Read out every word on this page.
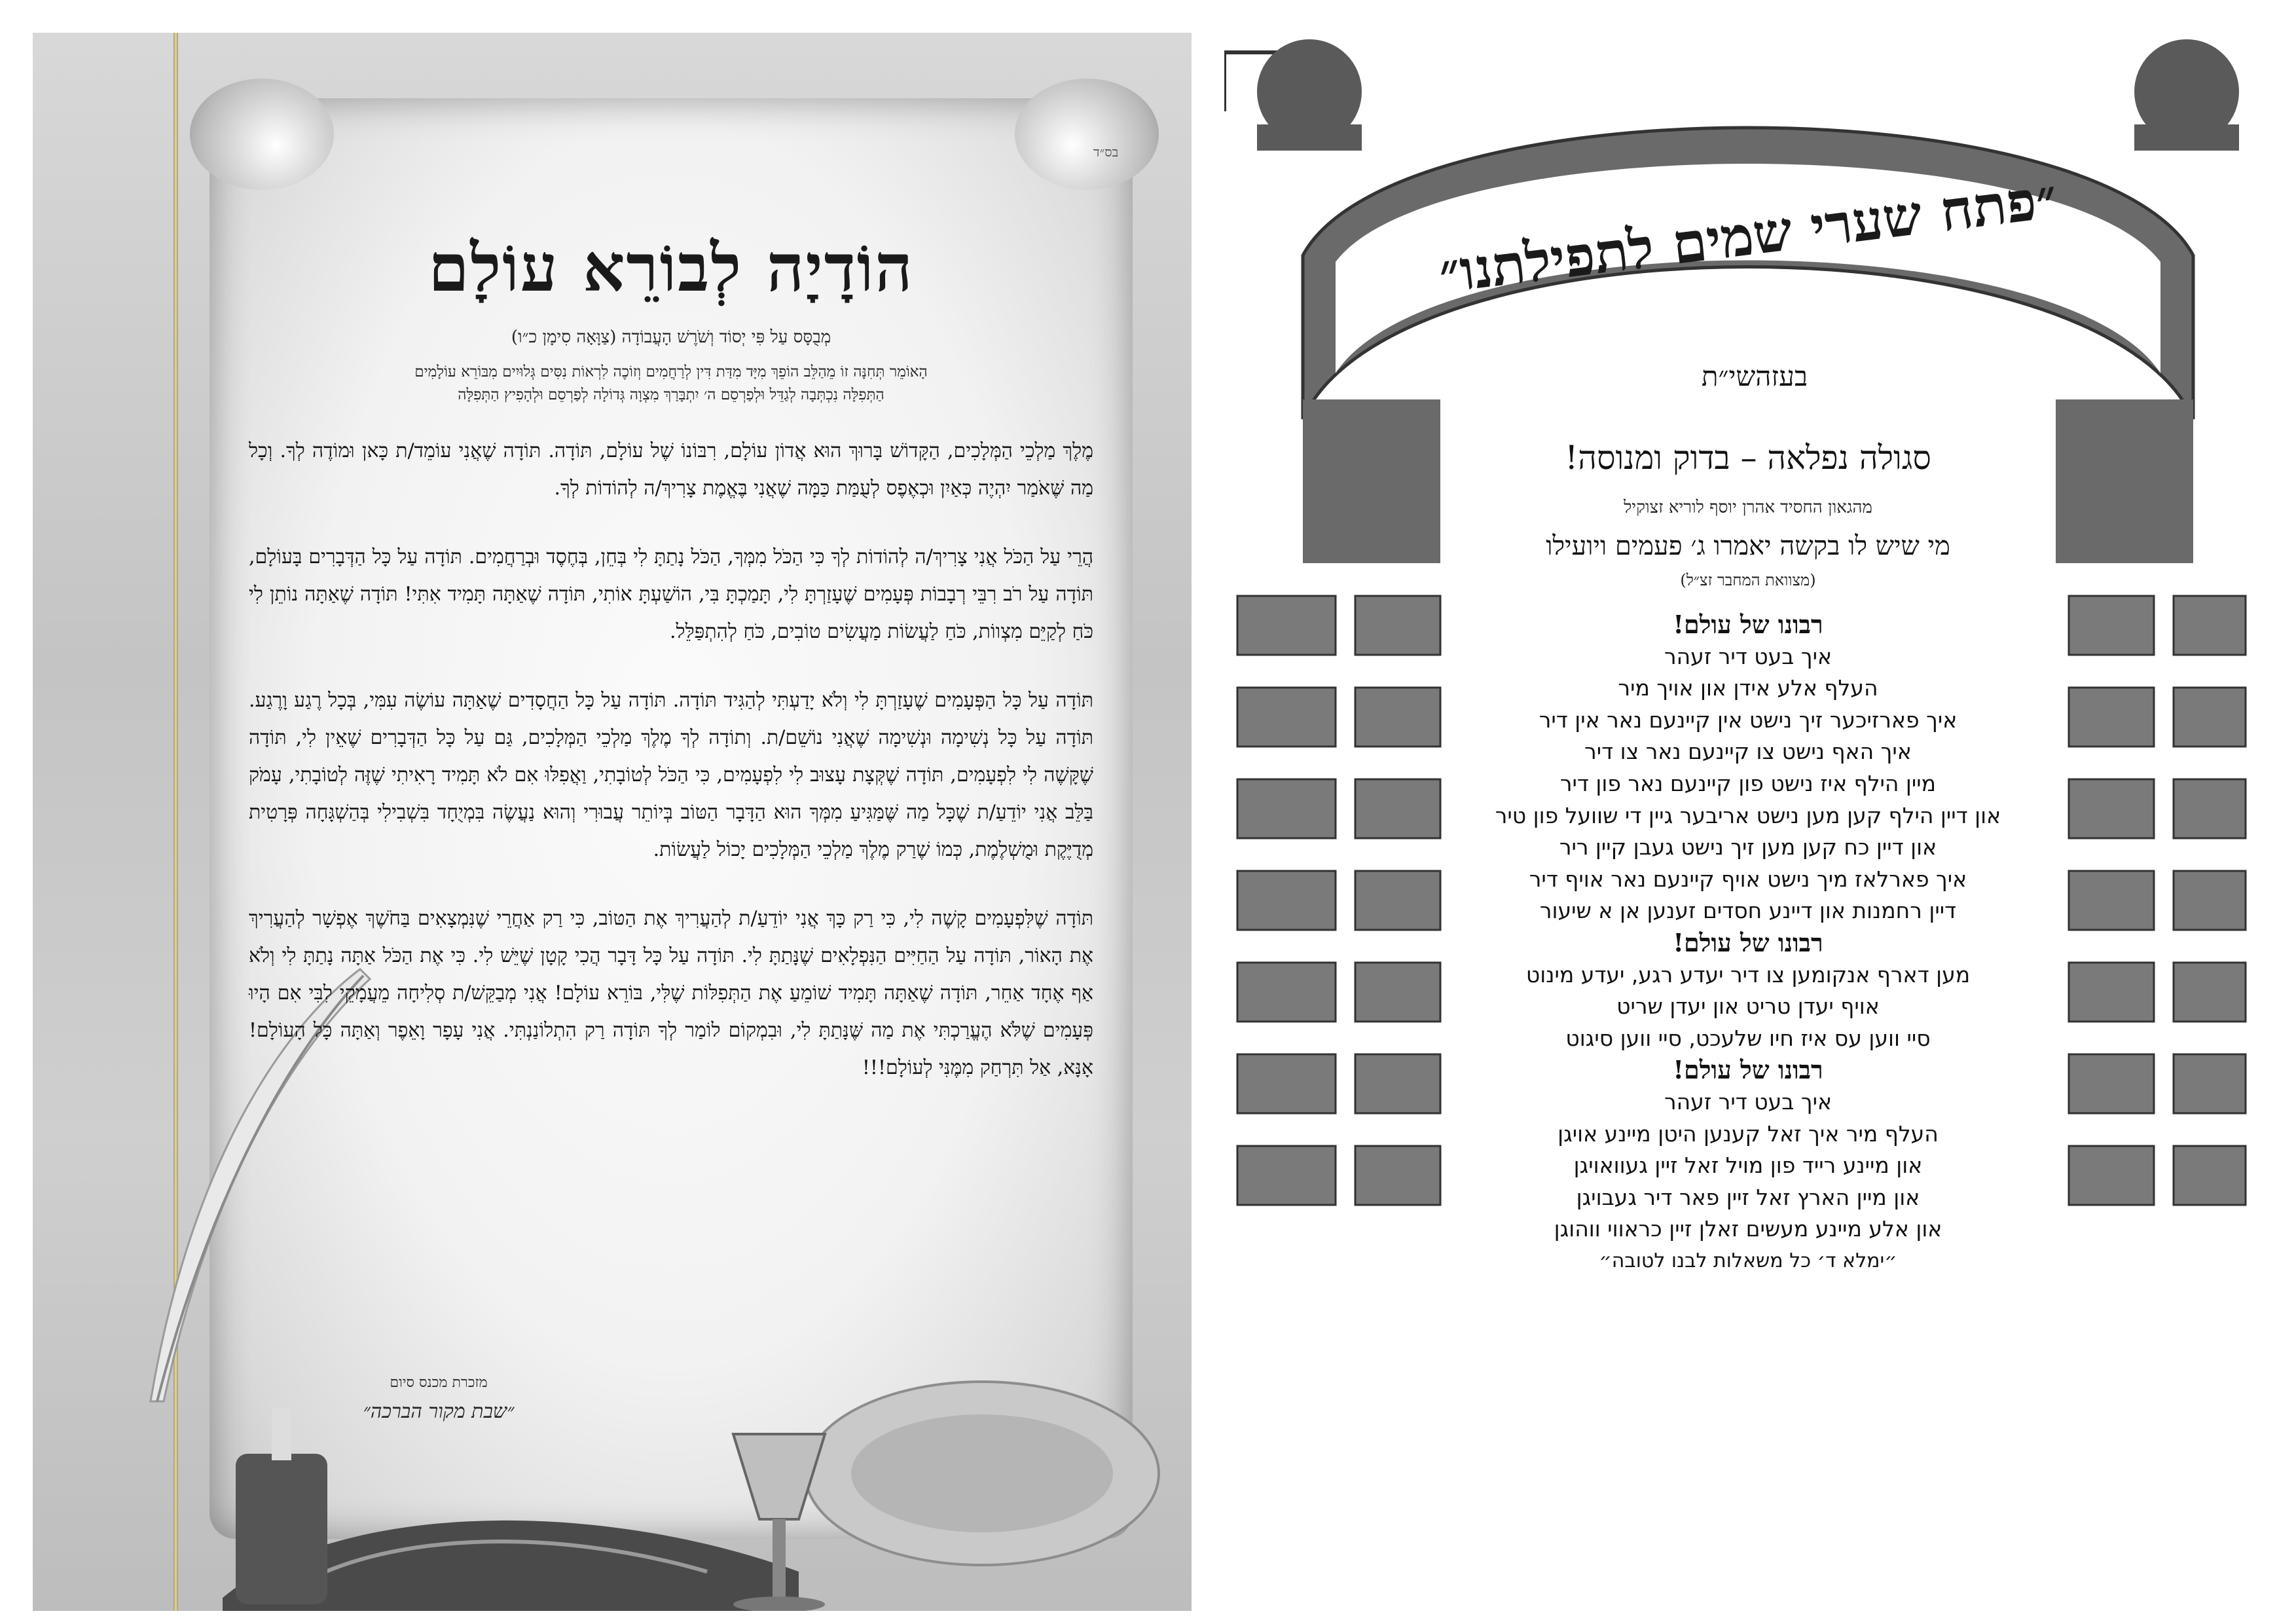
בס״ד
הוֹדָיָה לְבוֹרֵא עוֹלָם
מְבֻסָּס עַל פִּי יְסוֹד וְשֹׁרֶשׁ הָעֲבוֹדָה (צַוָּאָה סִימָן כ״ו)
הָאוֹמֵר תְּחִנָּה זוֹ מֵהַלֵּב הוֹפֵךְ מִיָּד מִדַּת דִּין לְרַחֲמִים וְזוֹכֶה לִרְאוֹת נִסִּים גְּלוּיִים מִבּוֹרֵא עוֹלָמִים
הַתְּפִלָּה נִכְתְּבָה לְגַדֵּל וּלְפַרְסֵם ה׳ יִתְבָּרַךְ מִצְוָה גְּדוֹלָה לְפַרְסֵם וּלְהָפִיץ הַתְּפִלָּה

מֶלֶךְ מַלְכֵי הַמְּלָכִים, הַקָּדוֹשׁ בָּרוּךְ הוּא אֲדוֹן עוֹלָם, רִבּוֹנוֹ שֶׁל עוֹלָם, תּוֹדָה. תּוֹדָה שֶׁאֲנִי עוֹמֵד/ת כָּאן וּמוֹדֶה לְךָ. וְכָל מַה שֶּׁאֹמַר יִהְיֶה כְּאַיִן וּכְאֶפֶס לְעֻמַּת כַּמָּה שֶׁאֲנִי בֶּאֱמֶת צָרִיךְ/ה לְהוֹדוֹת לְךָ.

הֲרֵי עַל הַכֹּל אֲנִי צָרִיךְ/ה לְהוֹדוֹת לְךָ כִּי הַכֹּל מִמְּךָ, הַכֹּל נָתַתָּ לִי בְּחֵן, בְּחֶסֶד וּבְרַחֲמִים. תּוֹדָה עַל כָּל הַדְּבָרִים בָּעוֹלָם, תּוֹדָה עַל רֹב רִבֵּי רְבָבוֹת פְּעָמִים שֶׁעָזַרְתָּ לִי, תָּמַכְתָּ בִּי, הוֹשַׁעְתָּ אוֹתִי, תּוֹדָה שֶׁאַתָּה תָּמִיד אִתִּי! תּוֹדָה שֶׁאַתָּה נוֹתֵן לִי כֹּחַ לְקַיֵּם מִצְווֹת, כֹּחַ לַעֲשׂוֹת מַעֲשִׂים טוֹבִים, כֹּחַ לְהִתְפַּלֵּל.

תּוֹדָה עַל כָּל הַפְּעָמִים שֶׁעָזַרְתָּ לִי וְלֹא יָדַעְתִּי לְהַגִּיד תּוֹדָה. תּוֹדָה עַל כָּל הַחֲסָדִים שֶׁאַתָּה עוֹשֶׂה עִמִּי, בְּכָל רֶגַע וָרֶגַע. תּוֹדָה עַל כָּל נְשִׁימָה וּנְשִׁימָה שֶׁאֲנִי נוֹשֵׁם/ת. וְתוֹדָה לְךָ מֶלֶךְ מַלְכֵי הַמְּלָכִים, גַּם עַל כָּל הַדְּבָרִים שֶׁאֵין לִי, תּוֹדָה שֶׁקָּשֶׁה לִי לִפְעָמִים, תּוֹדָה שֶׁקְּצָת עָצוּב לִי לִפְעָמִים, כִּי הַכֹּל לְטוֹבָתִי, וַאֲפִלּוּ אִם לֹא תָּמִיד רָאִיתִי שֶׁזֶּה לְטוֹבָתִי, עָמֹק בַּלֵּב אֲנִי יוֹדֵעַ/ת שֶׁכָּל מַה שֶּׁמַּגִּיעַ מִמְּךָ הוּא הַדָּבָר הַטּוֹב בְּיוֹתֵר עֲבוּרִי וְהוּא נַעֲשֶׂה בִּמְיֻחָד בִּשְׁבִילִי בְּהַשְׁגָּחָה פְּרָטִית מְדֻיֶּקֶת וּמֻשְׁלֶמֶת, כְּמוֹ שֶׁרַק מֶלֶךְ מַלְכֵי הַמְּלָכִים יָכוֹל לַעֲשׂוֹת.

תּוֹדָה שֶׁלִּפְעָמִים קָשֶׁה לִי, כִּי רַק כָּךְ אֲנִי יוֹדֵעַ/ת לְהַעֲרִיךְ אֶת הַטּוֹב, כִּי רַק אַחֲרֵי שֶׁנִּמְצָאִים בַּחֹשֶׁךְ אֶפְשָׁר לְהַעֲרִיךְ אֶת הָאוֹר, תּוֹדָה עַל הַחַיִּים הַנִּפְלָאִים שֶׁנָּתַתָּ לִי. תּוֹדָה עַל כָּל דָּבָר הֲכִי קָטָן שֶׁיֵּשׁ לִי. כִּי אֶת הַכֹּל אַתָּה נָתַתָּ לִי וְלֹא אַף אֶחָד אַחֵר, תּוֹדָה שֶׁאַתָּה תָּמִיד שׁוֹמֵעַ אֶת הַתְּפִלּוֹת שֶׁלִּי, בּוֹרֵא עוֹלָם! אֲנִי מְבַקֵּשׁ/ת סְלִיחָה מֵעֲמָקֵי לִבִּי אִם הָיוּ פְּעָמִים שֶׁלֹּא הֶעֱרַכְתִּי אֶת מַה שֶּׁנָּתַתָּ לִי, וּבִמְקוֹם לוֹמַר לְךָ תּוֹדָה רַק הִתְלוֹנַנְתִּי. אֲנִי עָפָר וָאֵפֶר וְאַתָּה כָּל הָעוֹלָם! אָנָּא, אַל תִּרְחַק מִמֶּנִּי לְעוֹלָם!!!

מזכרת מכנס סיום
״שבת מקור הברכה״
״פתח שערי שמים לתפילתנו״
בעזהשי״ת
סגולה נפלאה – בדוק ומנוסה!
מהגאון החסיד אהרן יוסף לוריא זצוקיל
מי שיש לו בקשה יאמרו ג׳ פעמים ויועילו
(מצוואת המחבר זצ״ל)
רבונו של עולם!
איך בעט דיר זעהר
העלף אלע אידן און אויך מיר
איך פארזיכער זיך נישט אין קיינעם נאר אין דיר
איך האף נישט צו קיינעם נאר צו דיר
מיין הילף איז נישט פון קיינעם נאר פון דיר
און דיין הילף קען מען נישט אריבער גיין די שוועל פון טיר
און דיין כח קען מען זיך נישט געבן קיין ריר
איך פארלאז מיך נישט אויף קיינעם נאר אויף דיר
דיין רחמנות און דיינע חסדים זענען אן א שיעור
רבונו של עולם!
מען דארף אנקומען צו דיר יעדע רגע, יעדע מינוט
אויף יעדן טריט און יעדן שריט
סיי ווען עס איז חיו שלעכט, סיי ווען סיגוט
רבונו של עולם!
איך בעט דיר זעהר
העלף מיר איך זאל קענען היטן מיינע אויגן
און מיינע רייד פון מויל זאל זיין געוואויגן
און מיין הארץ זאל זיין פאר דיר געבויגן
און אלע מיינע מעשים זאלן זיין כראווי ווהוגן
״ימלא ד׳ כל משאלות לבנו לטובה״
